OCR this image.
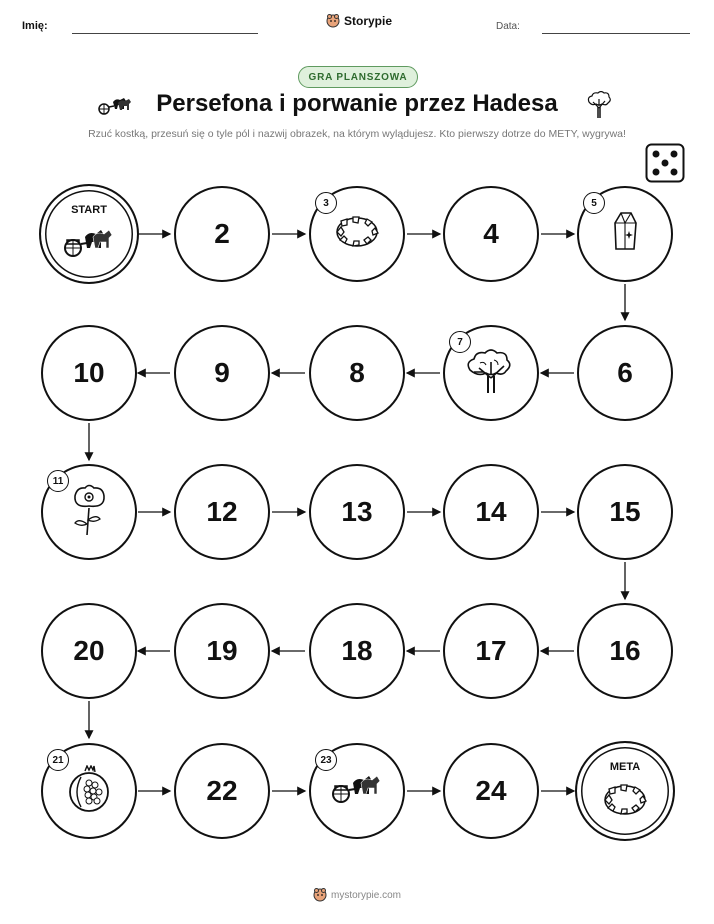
Imię:	Storypie	Data:
GRA PLANSZOWA
Persefona i porwanie przez Hadesa
Rzuć kostką, przesuń się o tyle pól i nazwij obrazek, na którym wylądujesz. Kto pierwszy dotrze do METY, wygrywa!
START
2
3
4
5
6
7
8
9
10
11
12	13	14	15
16
17
18
19
20
21
22
23
24
META
mystorypie.com
